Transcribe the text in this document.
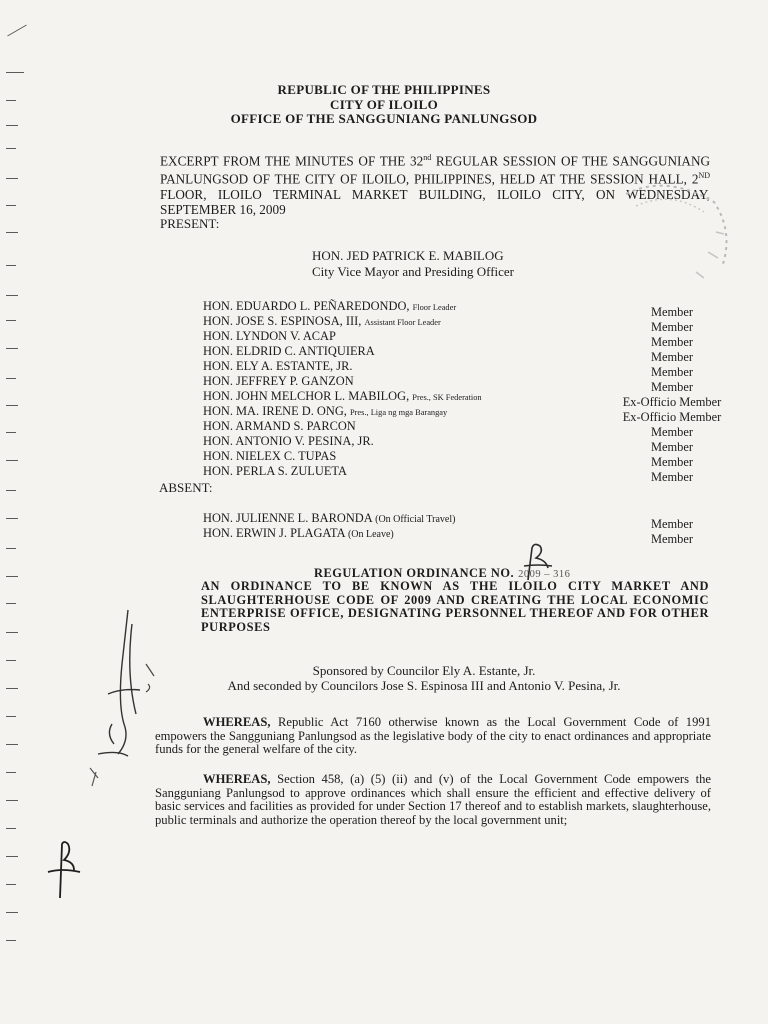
REPUBLIC OF THE PHILIPPINES
CITY OF ILOILO
OFFICE OF THE SANGGUNIANG PANLUNGSOD
EXCERPT FROM THE MINUTES OF THE 32nd REGULAR SESSION OF THE SANGGUNIANG PANLUNGSOD OF THE CITY OF ILOILO, PHILIPPINES, HELD AT THE SESSION HALL, 2ND FLOOR, ILOILO TERMINAL MARKET BUILDING, ILOILO CITY, ON WEDNESDAY, SEPTEMBER 16, 2009
PRESENT:
HON. JED PATRICK E. MABILOG
City Vice Mayor and Presiding Officer
HON. EDUARDO L. PEÑAREDONDO, Floor Leader	Member
HON. JOSE S. ESPINOSA, III, Assistant Floor Leader	Member
HON. LYNDON V. ACAP	Member
HON. ELDRID C. ANTIQUIERA	Member
HON. ELY A. ESTANTE, JR.	Member
HON. JEFFREY P. GANZON	Member
HON. JOHN MELCHOR L. MABILOG, Pres., SK Federation	Ex-Officio Member
HON. MA. IRENE D. ONG, Pres., Liga ng mga Barangay	Ex-Officio Member
HON. ARMAND S. PARCON	Member
HON. ANTONIO V. PESINA, JR.	Member
HON. NIELEX C. TUPAS	Member
HON. PERLA S. ZULUETA	Member
ABSENT:
HON. JULIENNE L. BARONDA (On Official Travel)	Member
HON. ERWIN J. PLAGATA (On Leave)	Member
REGULATION ORDINANCE NO. 2009 – 316
AN ORDINANCE TO BE KNOWN AS THE ILOILO CITY MARKET AND SLAUGHTERHOUSE CODE OF 2009 AND CREATING THE LOCAL ECONOMIC ENTERPRISE OFFICE, DESIGNATING PERSONNEL THEREOF AND FOR OTHER PURPOSES
Sponsored by Councilor Ely A. Estante, Jr.
And seconded by Councilors Jose S. Espinosa III and Antonio V. Pesina, Jr.
WHEREAS, Republic Act 7160 otherwise known as the Local Government Code of 1991 empowers the Sangguniang Panlungsod as the legislative body of the city to enact ordinances and appropriate funds for the general welfare of the city.
WHEREAS, Section 458, (a) (5) (ii) and (v) of the Local Government Code empowers the Sangguniang Panlungsod to approve ordinances which shall ensure the efficient and effective delivery of basic services and facilities as provided for under Section 17 thereof and to establish markets, slaughterhouse, public terminals and authorize the operation thereof by the local government unit;
